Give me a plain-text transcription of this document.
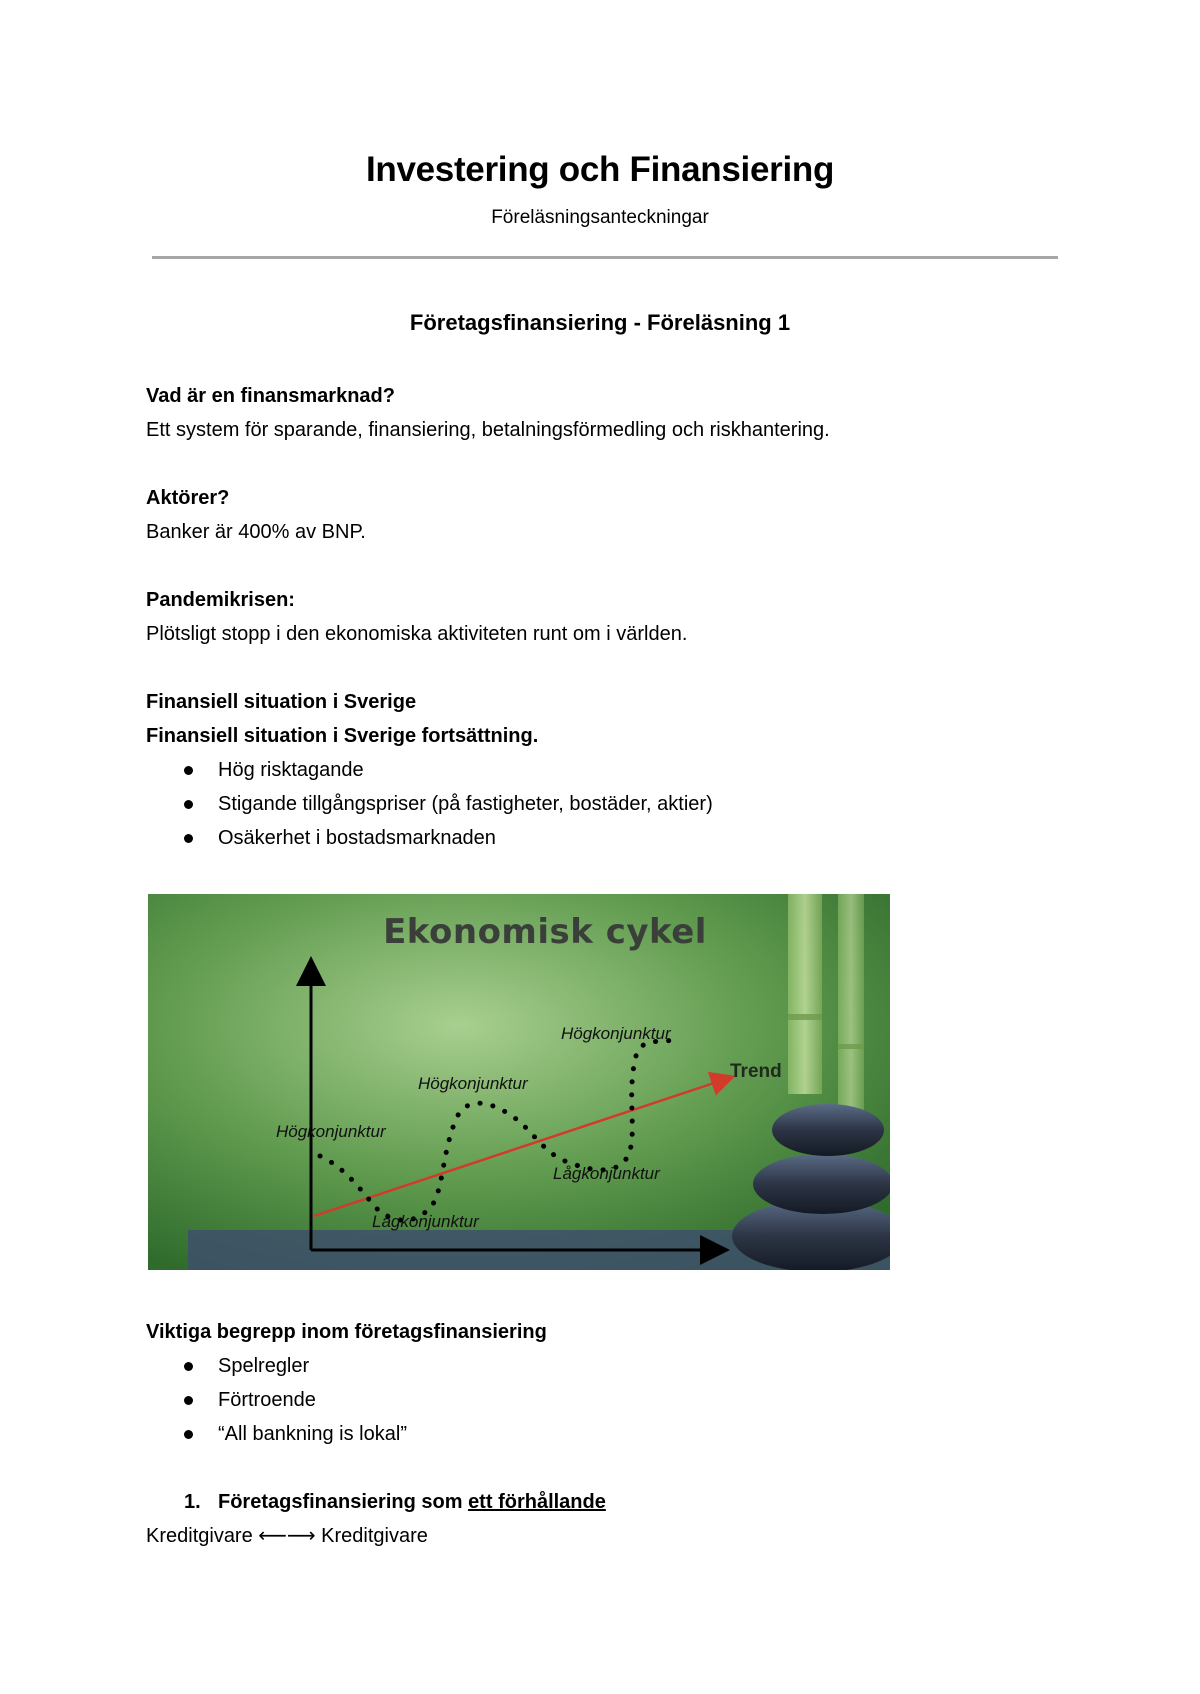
Investering och Finansiering
Föreläsningsanteckningar
Företagsfinansiering - Föreläsning 1
Vad är en finansmarknad?
Ett system för sparande, finansiering, betalningsförmedling och riskhantering.
Aktörer?
Banker är 400% av BNP.
Pandemikrisen:
Plötsligt stopp i den ekonomiska aktiviteten runt om i världen.
Finansiell situation i Sverige
Finansiell situation i Sverige fortsättning.
Hög risktagande
Stigande tillgångspriser (på fastigheter, bostäder, aktier)
Osäkerhet i bostadsmarknaden
Ekonomisk cykel
Trend
Högkonjunktur
Lågkonjunktur
Högkonjunktur
Lågkonjunktur
Högkonjunktur
Viktiga begrepp inom företagsfinansiering
Spelregler
Förtroende
“All bankning is lokal”
1. Företagsfinansiering som ett förhållande
Kreditgivare ⟵⟶ Kreditgivare
